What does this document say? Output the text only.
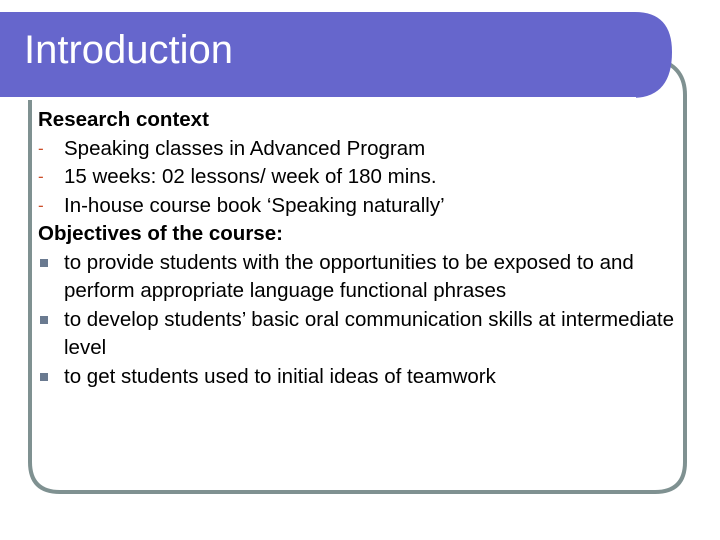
Introduction

Research context

- Speaking classes in Advanced Program

- 15 weeks: 02 lessons/ week of 180 mins.

- In-house course book ‘Speaking naturally’

Objectives of the course:

to provide students with the opportunities to be exposed to and perform appropriate language functional phrases

to develop students’ basic oral communication skills at intermediate level

to get students used to initial ideas of teamwork
